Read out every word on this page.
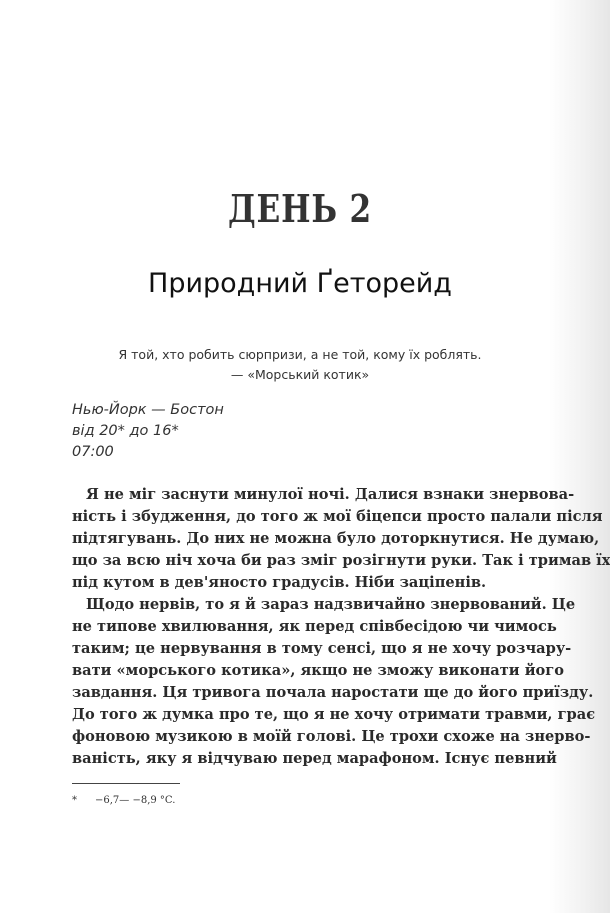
ДЕНЬ 2
Природний Ґеторейд
Я той, хто робить сюрпризи, а не той, кому їх роблять.
— «Морський котик»
Нью-Йорк — Бостон
від 20* до 16*
07:00
Я не міг заснути минулої ночі. Далися взнаки знервова-
ність і збудження, до того ж мої біцепси просто палали після
підтягувань. До них не можна було доторкнутися. Не думаю,
що за всю ніч хоча би раз зміг розігнути руки. Так і тримав їх
під кутом в дев'яносто градусів. Ніби заціпенів.
Щодо нервів, то я й зараз надзвичайно знервований. Це
не типове хвилювання, як перед співбесідою чи чимось
таким; це нервування в тому сенсі, що я не хочу розчару-
вати «морського котика», якщо не зможу виконати його
завдання. Ця тривога почала наростати ще до його приїзду.
До того ж думка про те, що я не хочу отримати травми, грає
фоновою музикою в моїй голові. Це трохи схоже на знерво-
ваність, яку я відчуваю перед марафоном. Існує певний
* −6,7— −8,9 °C.
